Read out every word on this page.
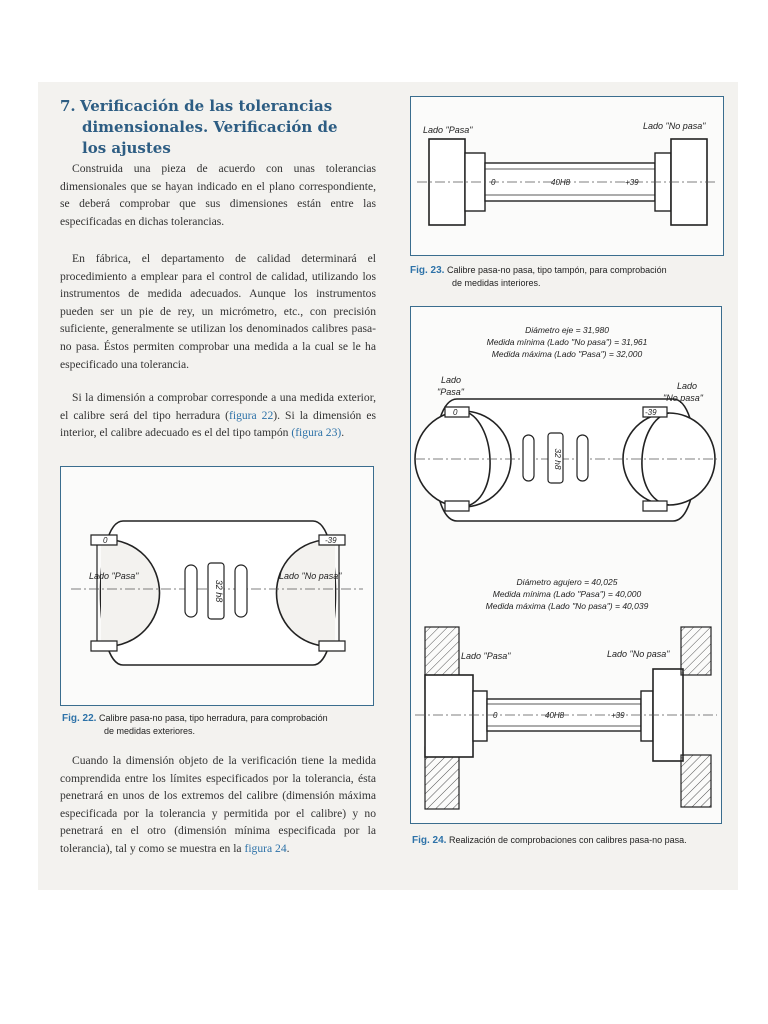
7. Verificación de las tolerancias
dimensionales. Verificación de
los ajustes

Construida una pieza de acuerdo con unas tolerancias dimensionales que se hayan indicado en el plano correspondiente, se deberá comprobar que sus dimensiones están entre las especificadas en dichas tolerancias.

En fábrica, el departamento de calidad determinará el procedimiento a emplear para el control de calidad, utilizando los instrumentos de medida adecuados. Aunque los instrumentos pueden ser un pie de rey, un micrómetro, etc., con precisión suficiente, generalmente se utilizan los denominados calibres pasa-no pasa. Éstos permiten comprobar una medida a la cual se le ha especificado una tolerancia.

Si la dimensión a comprobar corresponde a una medida exterior, el calibre será del tipo herradura (figura 22). Si la dimensión es interior, el calibre adecuado es el del tipo tampón (figura 23).

Cuando la dimensión objeto de la verificación tiene la medida comprendida entre los límites especificados por la tolerancia, ésta penetrará en unos de los extremos del calibre (dimensión máxima especificada por la tolerancia y permitida por el calibre) y no penetrará en el otro (dimensión mínima especificada por la tolerancia), tal y como se muestra en la figura 24.

32 h8
Lado "Pasa"	Lado "No pasa"
0	-39

Fig. 22. Calibre pasa-no pasa, tipo herradura, para comprobación
de medidas exteriores.

Lado "Pasa"	Lado "No pasa"
0	40H8	+39

Fig. 23. Calibre pasa-no pasa, tipo tampón, para comprobación
de medidas interiores.

Diámetro eje = 31,980
Medida mínima (Lado "No pasa") = 31,961
Medida máxima (Lado "Pasa") = 32,000
32 h8
Lado
"Pasa"
Lado
"No pasa"
0	-39
Diámetro agujero = 40,025
Medida mínima (Lado "Pasa") = 40,000
Medida máxima (Lado "No pasa") = 40,039
Lado "Pasa"	Lado "No pasa"
0	40H8	+39

Fig. 24. Realización de comprobaciones con calibres pasa-no pasa.
